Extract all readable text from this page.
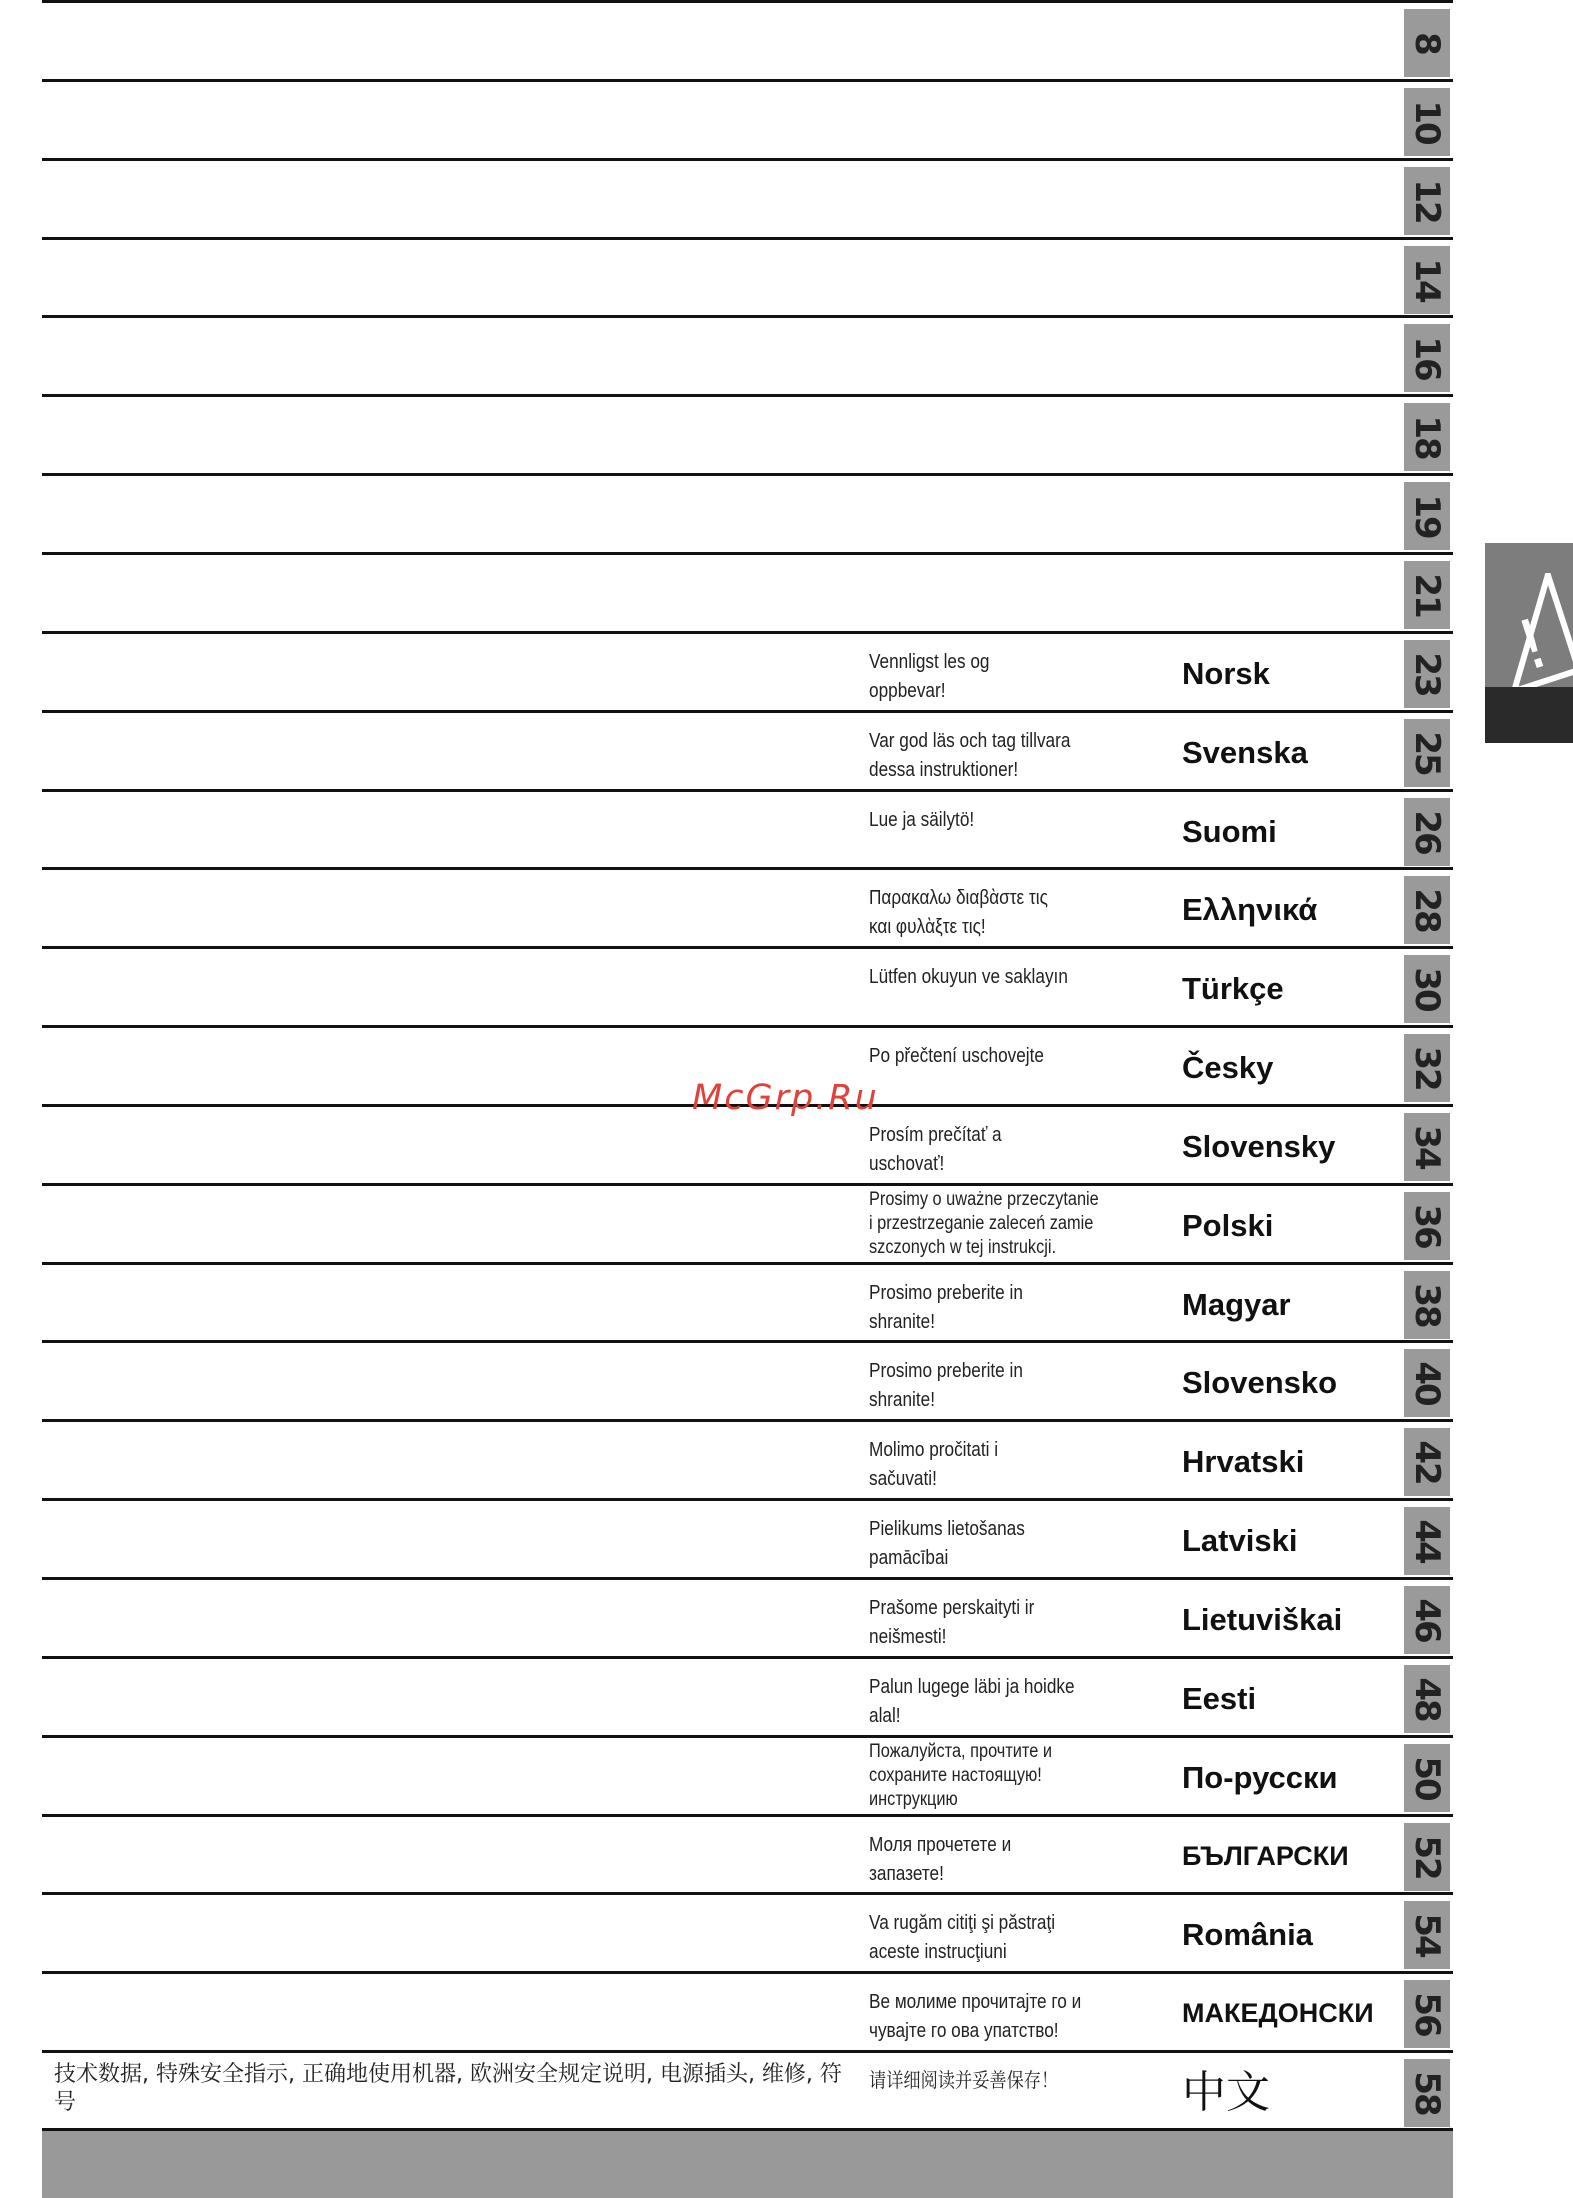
8
10
12
14
16
18
19
21
Vennligst les og
oppbevar!	Norsk	23
Var god läs och tag tillvara
dessa instruktioner!	Svenska	25
Lue ja säilytö!	Suomi	26
Παρακαλω διαβὰστε τις
και φυλὰξτε τις!	Ελληνικά	28
Lütfen okuyun ve saklayın	Türkçe	30
Po přečtení uschovejte	Česky	32
Prosím prečítať a
uschovať!	Slovensky 34
Prosimy o uważne przeczytanie
i przestrzeganie zaleceń zamie
szczonych w tej instrukcji.
Polski	36
Prosimo preberite in
shranite!	Magyar	38
Prosimo preberite in
shranite!	Slovensko 40
Molimo pročitati i
sačuvati!	Hrvatski	42
Pielikums lietošanas
pamācībai	Latviski	44
Prašome perskaityti ir
neišmesti!	Lietuviškai 46
Palun lugege läbi ja hoidke
alal!	Eesti	48
Пожалуйста, прочтите и
сохраните настоящую!
инструкцию
По-русски 50
Моля прочетете и
запазете!
БЪЛГАРСКИ 52
Va rugăm citiţi şi păstraţi
aceste instrucţiuni	România	54
Ве молиме прочитајте го и
чувајте го ова упатство!
МАКЕДОНСКИ 56
技术数据, 特殊安全指示, 正确地使用机器, 欧洲安全规定说明, 电源插头, 维修, 符号
请详细阅读并妥善保存！	中文	58
!
McGrp.Ru
